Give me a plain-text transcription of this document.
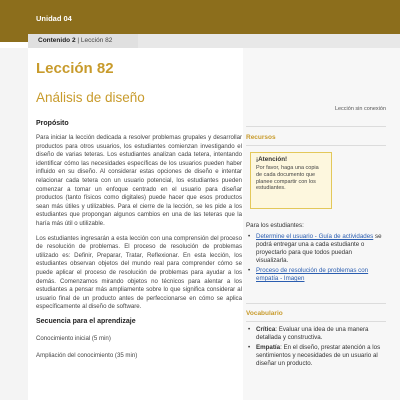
Unidad 04
Contenido 2 | Lección 82
Lección 82
Análisis de diseño
Propósito

Para iniciar la lección dedicada a resolver problemas grupales y desarrollar productos para otros usuarios, los estudiantes comienzan investigando el diseño de varias teteras. Los estudiantes analizan cada tetera, intentando identificar cómo las necesidades específicas de los usuarios pueden haber influido en su diseño. Al considerar estas opciones de diseño e intentar relacionar cada tetera con un usuario potencial, los estudiantes pueden comenzar a tomar un enfoque centrado en el usuario para diseñar productos (tanto físicos como digitales) puede hacer que esos productos sean más útiles y utilizables. Para el cierre de la lección, se les pide a los estudiantes que propongan algunos cambios en una de las teteras que la haría más útil o utilizable.

Los estudiantes ingresarán a esta lección con una comprensión del proceso de resolución de problemas. El proceso de resolución de problemas utilizado es: Definir, Preparar, Tratar, Reflexionar. En esta lección, los estudiantes observan objetos del mundo real para comprender cómo se puede aplicar el proceso de resolución de problemas para ayudar a los demás. Comenzamos mirando objetos no técnicos para alentar a los estudiantes a pensar más ampliamente sobre lo que significa considerar al usuario final de un producto antes de perfeccionarse en cómo se aplica específicamente al diseño de software.

Secuencia para el aprendizaje
Conocimiento inicial (5 min)
Ampliación del conocimiento (35 min)
Lección sin conexión
Recursos
¡Atención!
Por favor, haga una copia de cada documento que planee compartir con los estudiantes.
Para los estudiantes:
• Determine el usuario - Guía de actividades se podrá entregar una a cada estudiante o proyectarlo para que todos puedan visualizarla.
• Proceso de resolución de problemas con empatía - Imagen
Vocabulario
• Crítica: Evaluar una idea de una manera detallada y constructiva.
• Empatía: En el diseño, prestar atención a los sentimientos y necesidades de un usuario al diseñar un producto.
